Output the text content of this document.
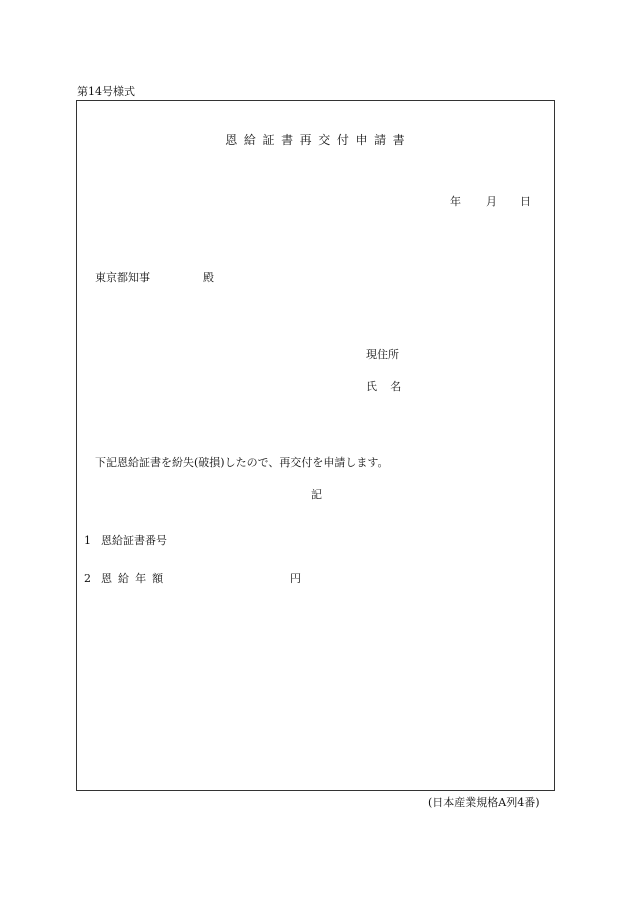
第14号様式
恩給証書再交付申請書
年 月 日
東京都知事	殿
現住所
氏名
下記恩給証書を紛失(破損)したので、再交付を申請します。
記
1 恩給証書番号
2 恩給年額	円
(日本産業規格A列4番)
